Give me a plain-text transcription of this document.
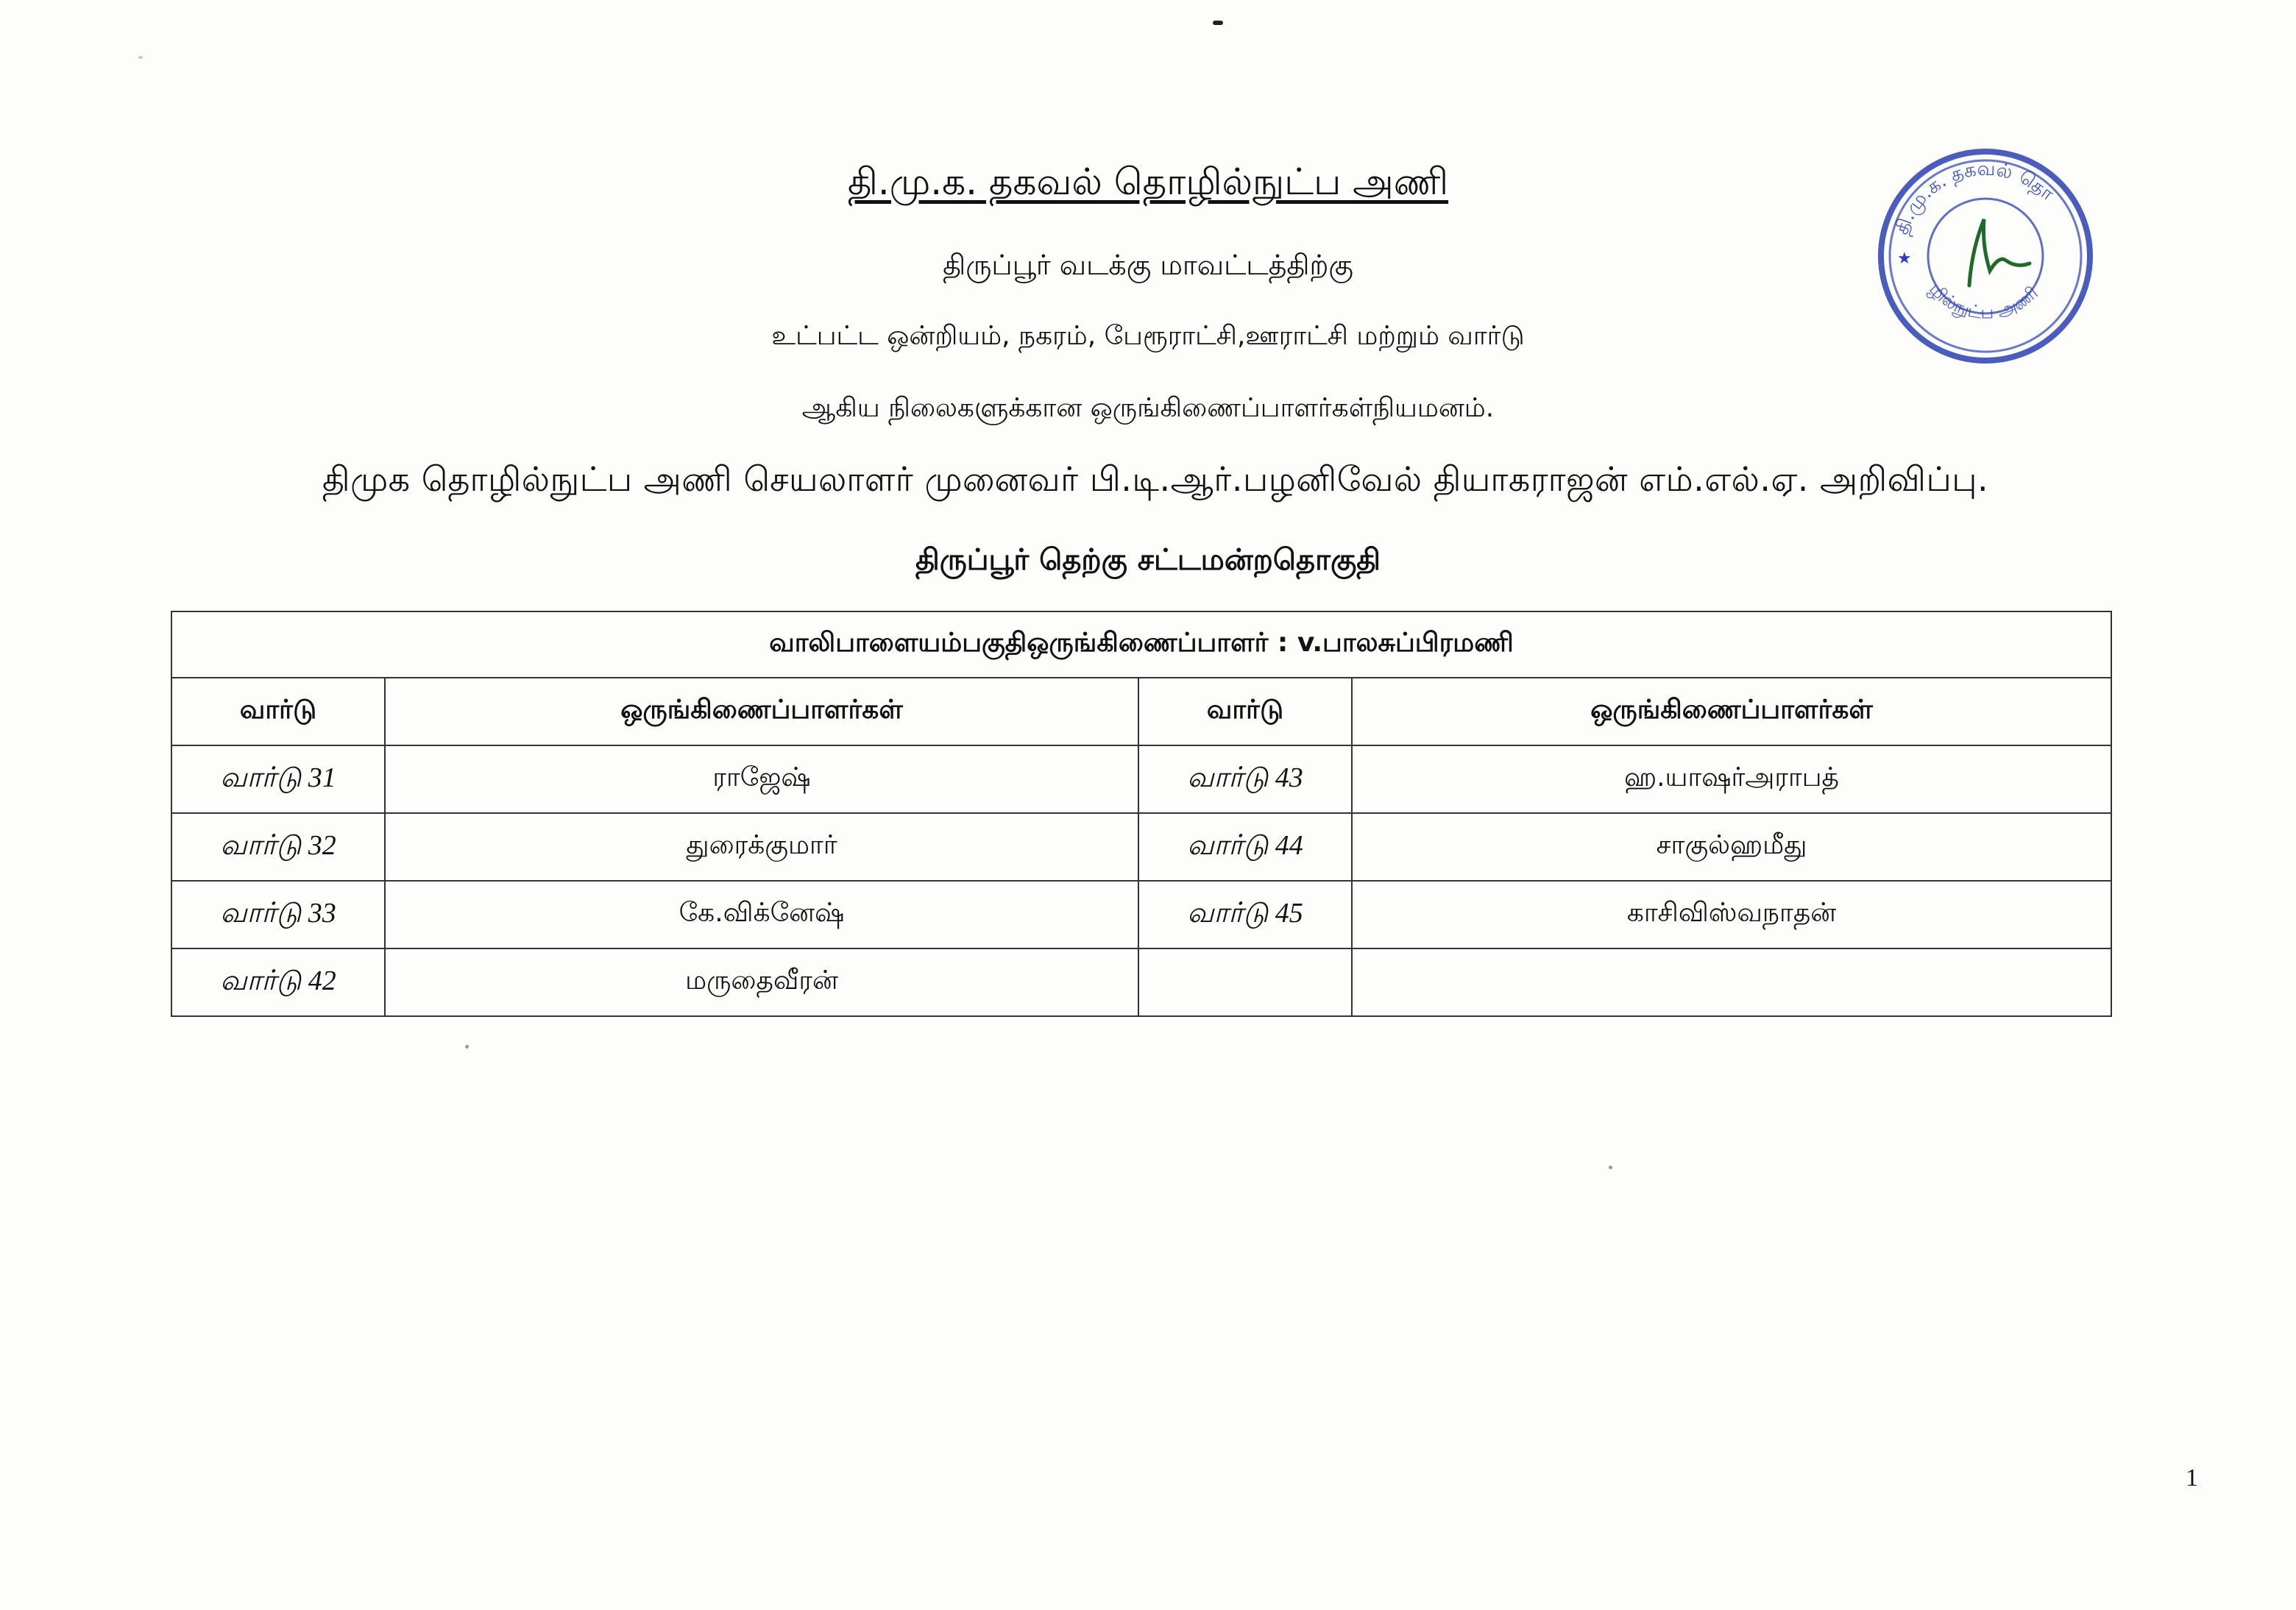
தி.மு.க. தகவல் தொழில்நுட்ப அணி
திருப்பூர் வடக்கு மாவட்டத்திற்கு
உட்பட்ட ஒன்றியம், நகரம், பேரூராட்சி,ஊராட்சி மற்றும் வார்டு
ஆகிய நிலைகளுக்கான ஒருங்கிணைப்பாளர்கள்நியமனம்.
திமுக தொழில்நுட்ப அணி செயலாளர் முனைவர் பி.டி.ஆர்.பழனிவேல் தியாகராஜன் எம்.எல்.ஏ. அறிவிப்பு.
திருப்பூர் தெற்கு சட்டமன்றதொகுதி
தி.மு.க. தகவல் தொ
ழில்நுட்ப அணி
★
வாலிபாளையம்பகுதிஒருங்கிணைப்பாளர் : v.பாலசுப்பிரமணி			
வார்டு	ஒருங்கிணைப்பாளர்கள்	வார்டு	ஒருங்கிணைப்பாளர்கள்
வார்டு 31	ராஜேஷ்	வார்டு 43	ஹ.யாஷர்அராபத்
வார்டு 32	துரைக்குமார்	வார்டு 44	சாகுல்ஹமீது
வார்டு 33	கே.விக்னேஷ்	வார்டு 45	காசிவிஸ்வநாதன்
வார்டு 42	மருதைவீரன்		
1
